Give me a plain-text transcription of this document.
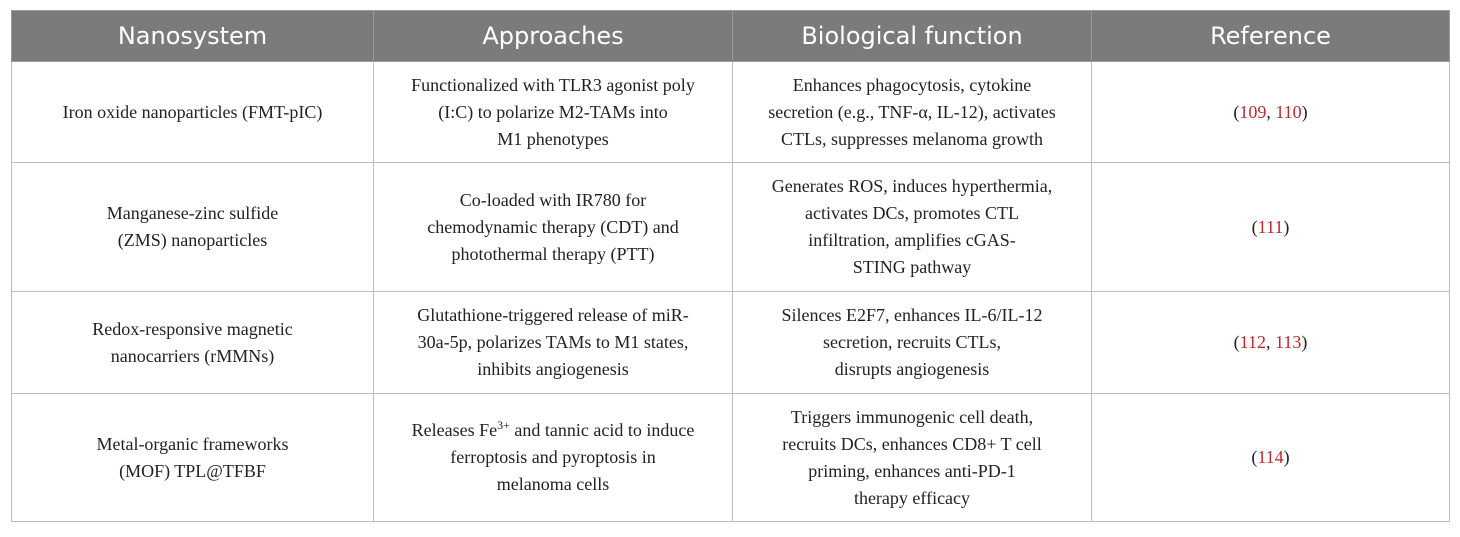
Nanosystem	Approaches	Biological function	Reference
Iron oxide nanoparticles (FMT-pIC)	Functionalized with TLR3 agonist poly
(I:C) to polarize M2-TAMs into
M1 phenotypes	Enhances phagocytosis, cytokine
secretion (e.g., TNF-α, IL-12), activates
CTLs, suppresses melanoma growth	(109, 110)
Manganese-zinc sulfide
(ZMS) nanoparticles	Co-loaded with IR780 for
chemodynamic therapy (CDT) and
photothermal therapy (PTT)	Generates ROS, induces hyperthermia,
activates DCs, promotes CTL
infiltration, amplifies cGAS-
STING pathway	(111)
Redox-responsive magnetic
nanocarriers (rMMNs)	Glutathione-triggered release of miR-
30a-5p, polarizes TAMs to M1 states,
inhibits angiogenesis	Silences E2F7, enhances IL-6/IL-12
secretion, recruits CTLs,
disrupts angiogenesis	(112, 113)
Metal-organic frameworks
(MOF) TPL@TFBF	Releases $Fe^{3+}$ and tannic acid to induce
ferroptosis and pyroptosis in
melanoma cells	Triggers immunogenic cell death,
recruits DCs, enhances CD8+ T cell
priming, enhances anti-PD-1
therapy efficacy	(114)
